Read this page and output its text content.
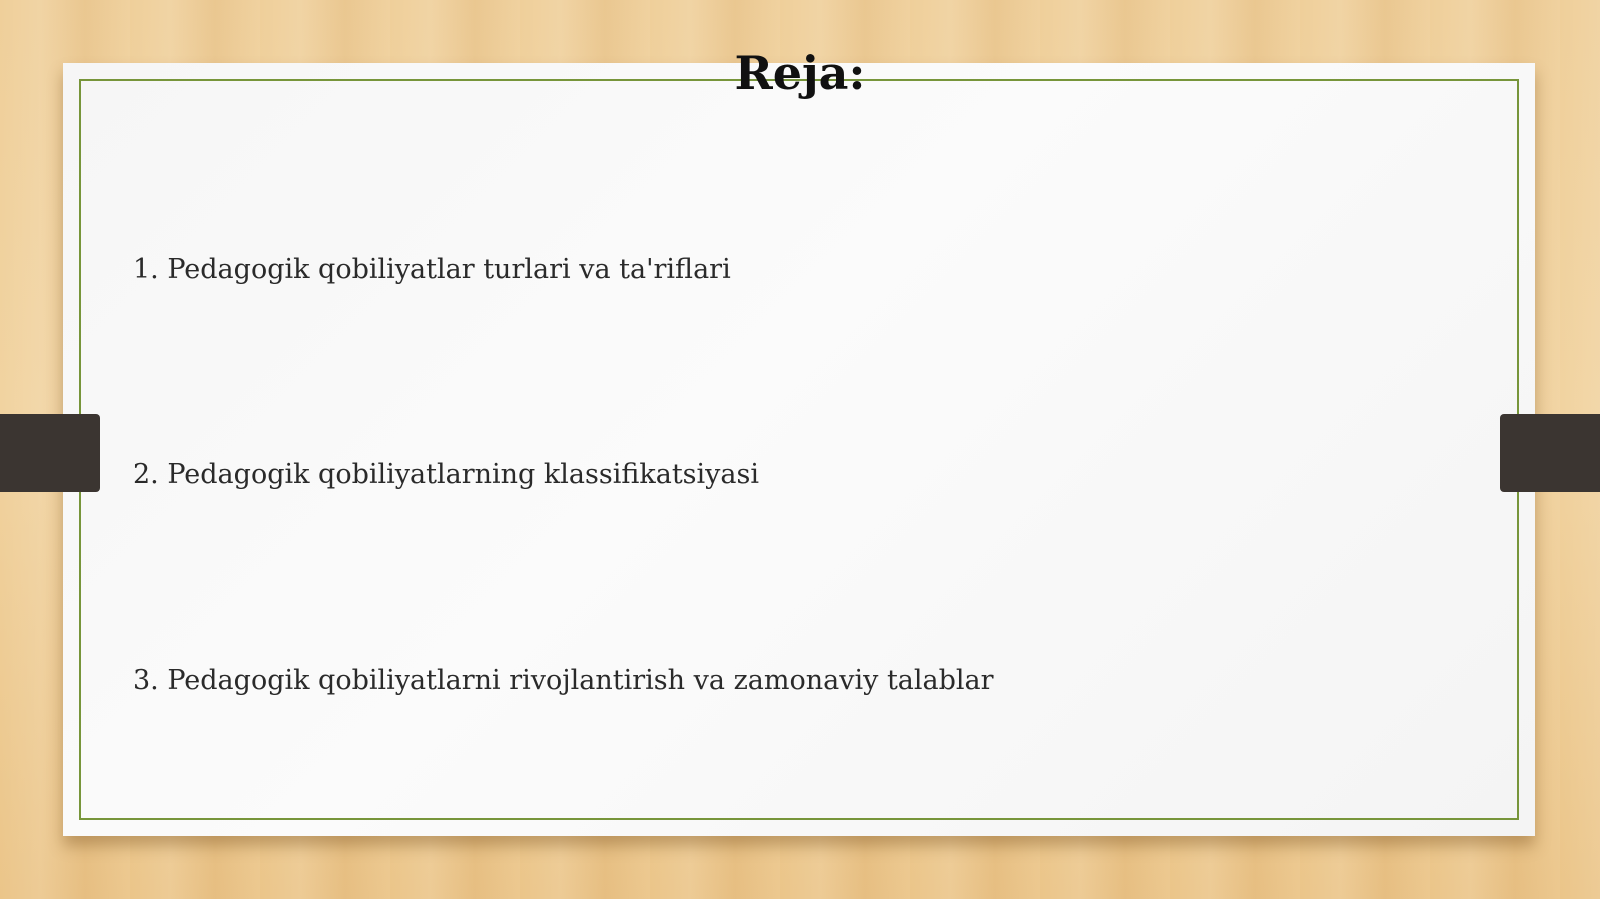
Reja:
1. Pedagogik qobiliyatlar turlari va ta'riflari
2. Pedagogik qobiliyatlarning klassifikatsiyasi
3. Pedagogik qobiliyatlarni rivojlantirish va zamonaviy talablar
